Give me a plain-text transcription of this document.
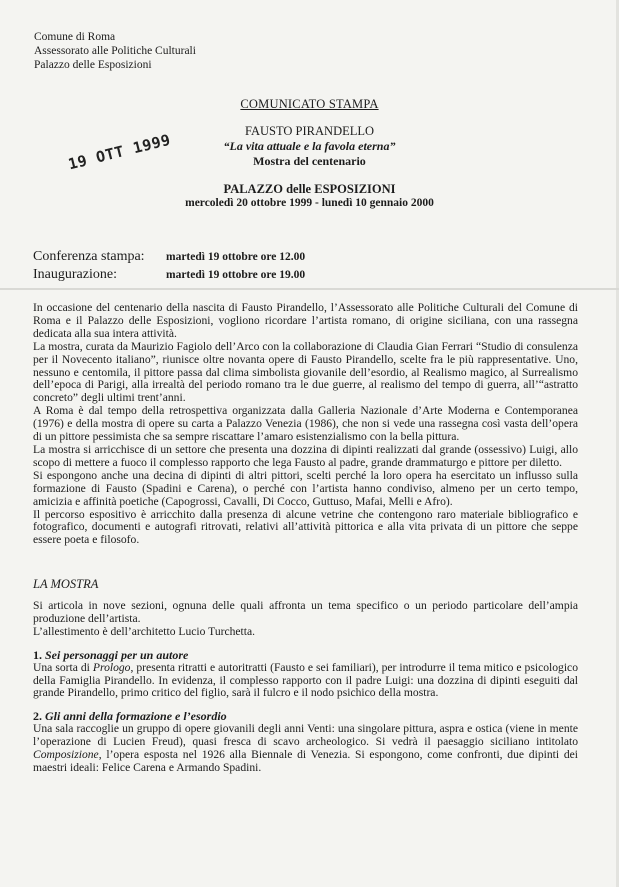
Comune di Roma
Assessorato alle Politiche Culturali
Palazzo delle Esposizioni
COMUNICATO STAMPA
FAUSTO PIRANDELLO
“La vita attuale e la favola eterna”
Mostra del centenario
PALAZZO delle ESPOSIZIONI
mercoledì 20 ottobre 1999 - lunedì 10 gennaio 2000
19 OTT 1999
Conferenza stampa:	martedì 19 ottobre ore 12.00
Inaugurazione:	martedì 19 ottobre ore 19.00

In occasione del centenario della nascita di Fausto Pirandello, l’Assessorato alle Politiche Culturali del Comune di Roma e il Palazzo delle Esposizioni, vogliono ricordare l’artista romano, di origine siciliana, con una rassegna dedicata alla sua intera attività.

La mostra, curata da Maurizio Fagiolo dell’Arco con la collaborazione di Claudia Gian Ferrari “Studio di consulenza per il Novecento italiano”, riunisce oltre novanta opere di Fausto Pirandello, scelte fra le più rappresentative. Uno, nessuno e centomila, il pittore passa dal clima simbolista giovanile dell’esordio, al Realismo magico, al Surrealismo dell’epoca di Parigi, alla irrealtà del periodo romano tra le due guerre, al realismo del tempo di guerra, all’“astratto concreto” degli ultimi trent’anni.

A Roma è dal tempo della retrospettiva organizzata dalla Galleria Nazionale d’Arte Moderna e Contemporanea (1976) e della mostra di opere su carta a Palazzo Venezia (1986), che non si vede una rassegna così vasta dell’opera di un pittore pessimista che sa sempre riscattare l’amaro esistenzialismo con la bella pittura.

La mostra si arricchisce di un settore che presenta una dozzina di dipinti realizzati dal grande (ossessivo) Luigi, allo scopo di mettere a fuoco il complesso rapporto che lega Fausto al padre, grande drammaturgo e pittore per diletto.

Si espongono anche una decina di dipinti di altri pittori, scelti perché la loro opera ha esercitato un influsso sulla formazione di Fausto (Spadini e Carena), o perché con l’artista hanno condiviso, almeno per un certo tempo, amicizia e affinità poetiche (Capogrossi, Cavalli, Di Cocco, Guttuso, Mafai, Melli e Afro).

Il percorso espositivo è arricchito dalla presenza di alcune vetrine che contengono raro materiale bibliografico e fotografico, documenti e autografi ritrovati, relativi all’attività pittorica e alla vita privata di un pittore che seppe essere poeta e filosofo.

LA MOSTRA

Si articola in nove sezioni, ognuna delle quali affronta un tema specifico o un periodo particolare dell’ampia produzione dell’artista.

L’allestimento è dell’architetto Lucio Turchetta.

1. Sei personaggi per un autore

Una sorta di Prologo, presenta ritratti e autoritratti (Fausto e sei familiari), per introdurre il tema mitico e psicologico della Famiglia Pirandello. In evidenza, il complesso rapporto con il padre Luigi: una dozzina di dipinti eseguiti dal grande Pirandello, primo critico del figlio, sarà il fulcro e il nodo psichico della mostra.

2. Gli anni della formazione e l’esordio

Una sala raccoglie un gruppo di opere giovanili degli anni Venti: una singolare pittura, aspra e ostica (viene in mente l’operazione di Lucien Freud), quasi fresca di scavo archeologico. Si vedrà il paesaggio siciliano intitolato Composizione, l’opera esposta nel 1926 alla Biennale di Venezia. Si espongono, come confronti, due dipinti dei maestri ideali: Felice Carena e Armando Spadini.
